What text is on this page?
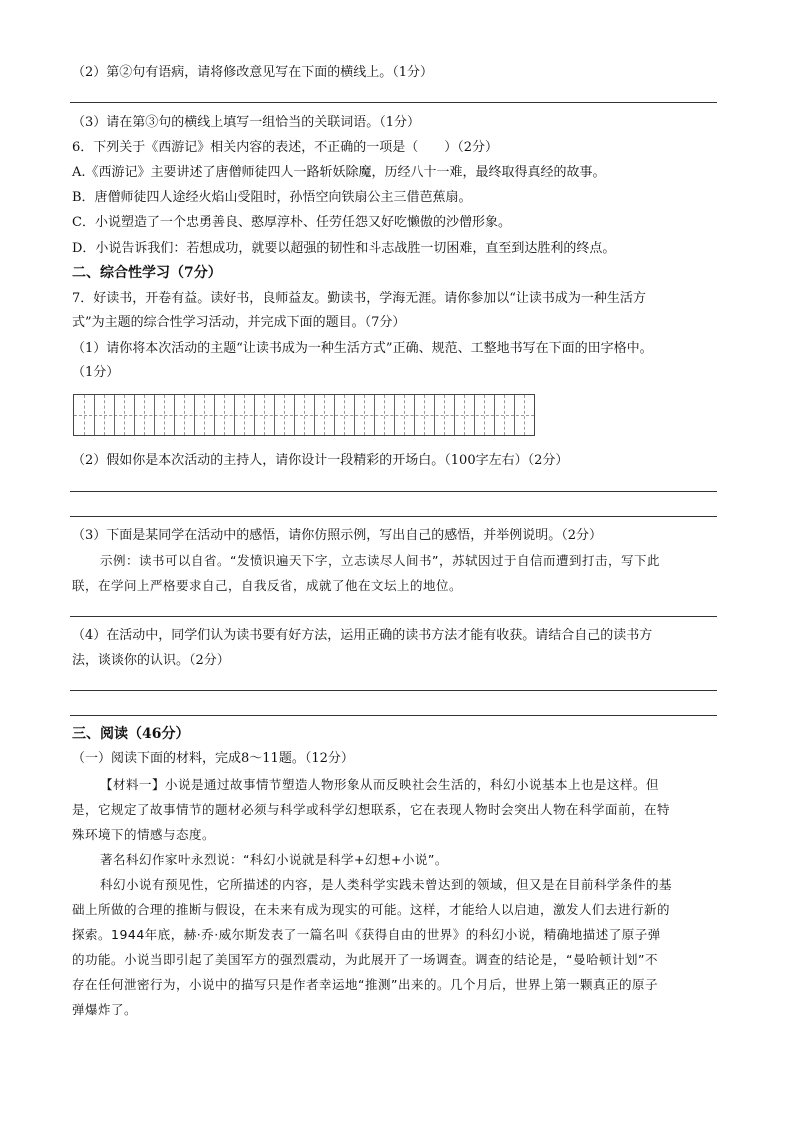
（2）第②句有语病，请将修改意见写在下面的横线上。（1分）
（3）请在第③句的横线上填写一组恰当的关联词语。（1分）
6．下列关于《西游记》相关内容的表述，不正确的一项是（　　）（2分）
A.《西游记》主要讲述了唐僧师徒四人一路斩妖除魔，历经八十一难，最终取得真经的故事。
B．唐僧师徒四人途经火焰山受阻时，孙悟空向铁扇公主三借芭蕉扇。
C．小说塑造了一个忠勇善良、憨厚淳朴、任劳任怨又好吃懒傲的沙僧形象。
D．小说告诉我们：若想成功，就要以超强的韧性和斗志战胜一切困难，直至到达胜利的终点。
二、综合性学习（7分）
7．好读书，开卷有益。读好书，良师益友。勤读书，学海无涯。请你参加以“让读书成为一种生活方
式”为主题的综合性学习活动，并完成下面的题目。（7分）
（1）请你将本次活动的主题“让读书成为一种生活方式”正确、规范、工整地书写在下面的田字格中。
（1分）
（2）假如你是本次活动的主持人，请你设计一段精彩的开场白。（100字左右）（2分）
（3）下面是某同学在活动中的感悟，请你仿照示例，写出自己的感悟，并举例说明。（2分）
示例：读书可以自省。“发愤识遍天下字，立志读尽人间书”，苏轼因过于自信而遭到打击，写下此
联，在学问上严格要求自己，自我反省，成就了他在文坛上的地位。
（4）在活动中，同学们认为读书要有好方法，运用正确的读书方法才能有收获。请结合自己的读书方
法，谈谈你的认识。（2分）
三、阅读（46分）
（一）阅读下面的材料，完成8～11题。（12分）
【材料一】小说是通过故事情节塑造人物形象从而反映社会生活的，科幻小说基本上也是这样。但
是，它规定了故事情节的题材必须与科学或科学幻想联系，它在表现人物时会突出人物在科学面前，在特
殊环境下的情感与态度。
著名科幻作家叶永烈说：“科幻小说就是科学+幻想+小说”。
科幻小说有预见性，它所描述的内容，是人类科学实践未曾达到的领域，但又是在目前科学条件的基
础上所做的合理的推断与假设，在未来有成为现实的可能。这样，才能给人以启迪，激发人们去进行新的
探索。1944年底，赫·乔·威尔斯发表了一篇名叫《获得自由的世界》的科幻小说，精确地描述了原子弹
的功能。小说当即引起了美国军方的强烈震动，为此展开了一场调查。调查的结论是，“曼哈顿计划”不
存在任何泄密行为，小说中的描写只是作者幸运地“推测”出来的。几个月后，世界上第一颗真正的原子
弹爆炸了。
